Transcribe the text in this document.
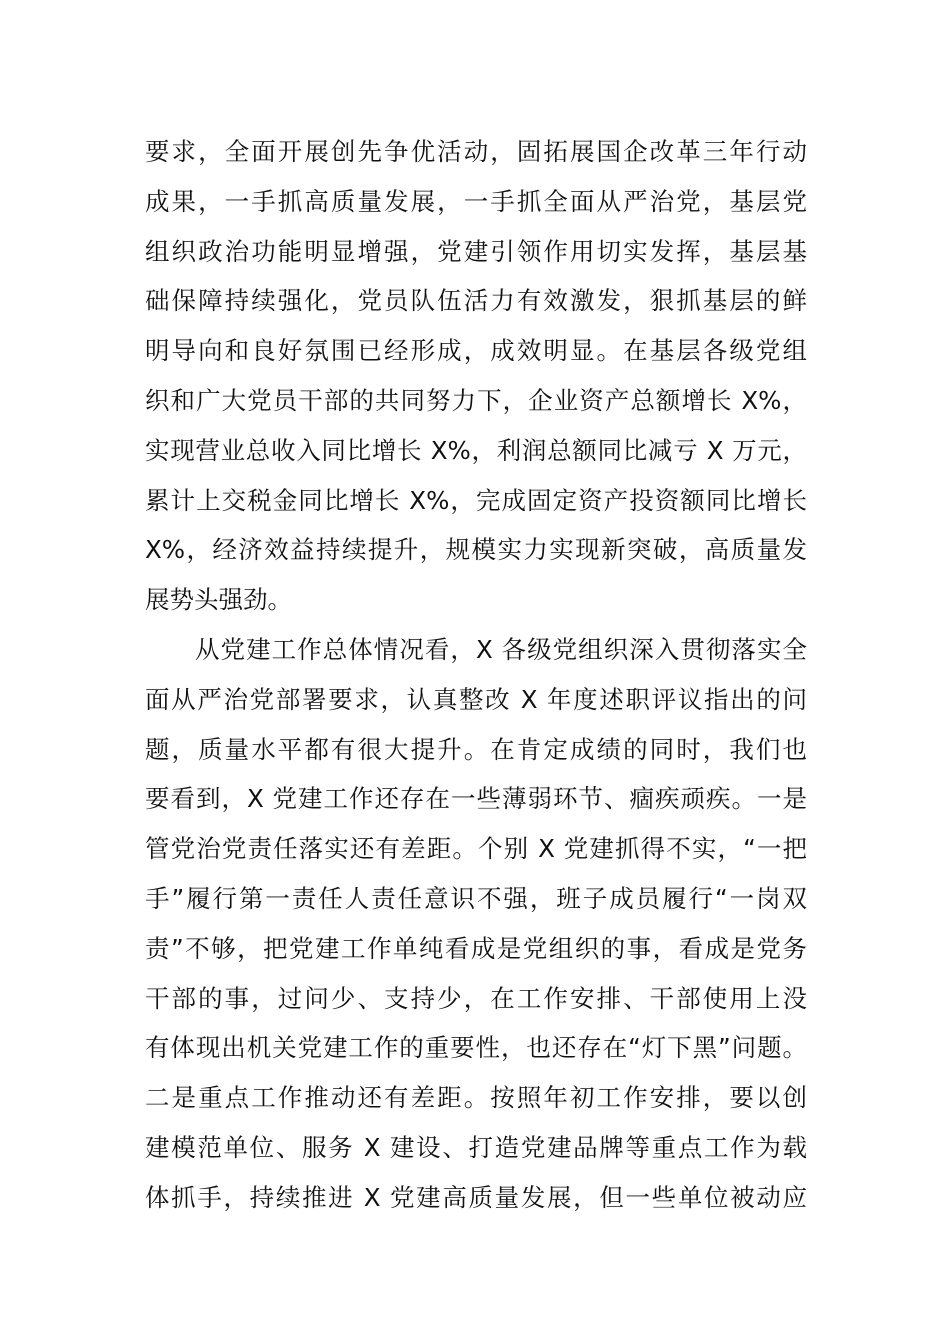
要求，全面开展创先争优活动，固拓展国企改革三年行动
成果，一手抓高质量发展，一手抓全面从严治党，基层党
组织政治功能明显增强，党建引领作用切实发挥，基层基
础保障持续强化，党员队伍活力有效激发，狠抓基层的鲜
明导向和良好氛围已经形成，成效明显。在基层各级党组
织和广大党员干部的共同努力下，企业资产总额增长 X%，
实现营业总收入同比增长 X%，利润总额同比减亏 X 万元，
累计上交税金同比增长 X%，完成固定资产投资额同比增长
X%，经济效益持续提升，规模实力实现新突破，高质量发
展势头强劲。
从党建工作总体情况看，X 各级党组织深入贯彻落实全
面从严治党部署要求，认真整改 X 年度述职评议指出的问
题，质量水平都有很大提升。在肯定成绩的同时，我们也
要看到，X 党建工作还存在一些薄弱环节、痼疾顽疾。一是
管党治党责任落实还有差距。个别 X 党建抓得不实，“一把
手”履行第一责任人责任意识不强，班子成员履行“一岗双
责”不够，把党建工作单纯看成是党组织的事，看成是党务
干部的事，过问少、支持少，在工作安排、干部使用上没
有体现出机关党建工作的重要性，也还存在“灯下黑”问题。
二是重点工作推动还有差距。按照年初工作安排，要以创
建模范单位、服务 X 建设、打造党建品牌等重点工作为载
体抓手，持续推进 X 党建高质量发展，但一些单位被动应
